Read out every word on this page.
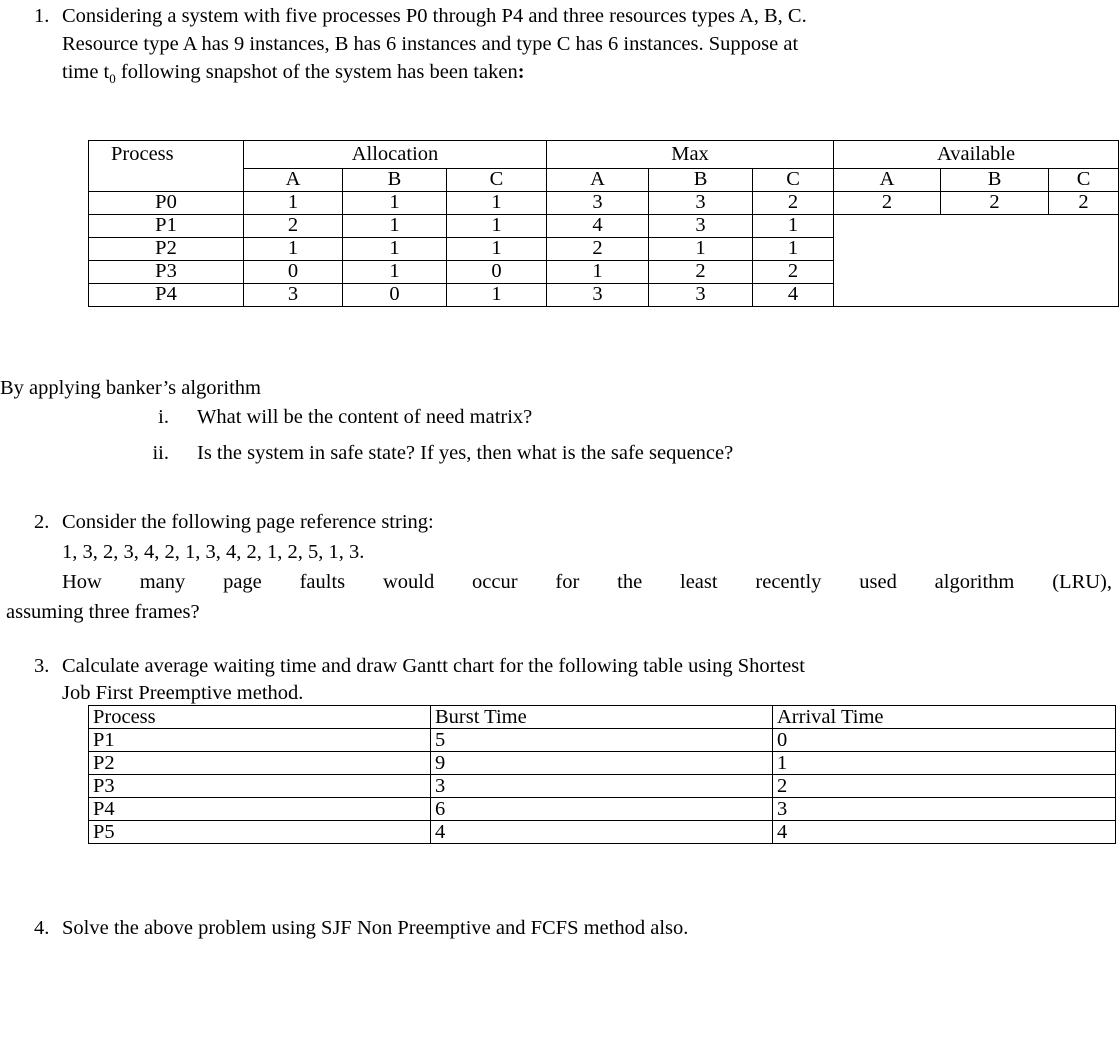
1. Considering a system with five processes P0 through P4 and three resources types A, B, C.
Resource type A has 9 instances, B has 6 instances and type C has 6 instances. Suppose at
time $t_0$ following snapshot of the system has been taken:
Process	Allocation			Max			Available		
	A	B	C	A	B	C	A	B	C
P0	1	1	1	3	3	2	2	2	2
P1	2	1	1	4	3	1			
P2	1	1	1	2	1	1			
P3	0	1	0	1	2	2			
P4	3	0	1	3	3	4			
By applying banker’s algorithm
i. What will be the content of need matrix?
ii. Is the system in safe state? If yes, then what is the safe sequence?
2. Consider the following page reference string:
1, 3, 2, 3, 4, 2, 1, 3, 4, 2, 1, 2, 5, 1, 3.
How many page faults would occur for the least recently used algorithm (LRU),
assuming three frames?
3. Calculate average waiting time and draw Gantt chart for the following table using Shortest
Job First Preemptive method.
Process	Burst Time	Arrival Time
P1	5	0
P2	9	1
P3	3	2
P4	6	3
P5	4	4
4. Solve the above problem using SJF Non Preemptive and FCFS method also.
